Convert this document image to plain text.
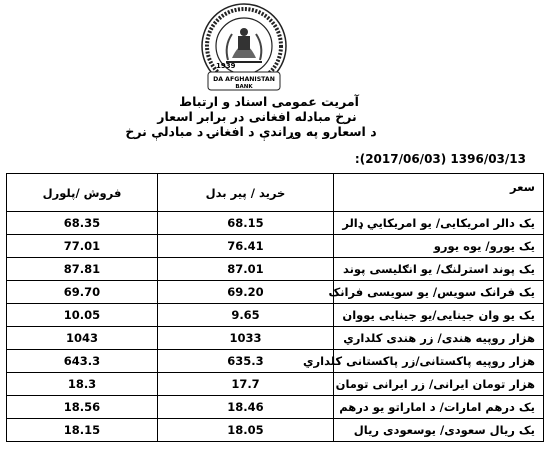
1939
DA AFGHANISTAN
BANK
آمریت عمومی اسناد و ارتباط
نرخ مبادله افغانی در برابر اسعار
د اسعارو په وړاندې د افغانۍ د مبادلې نرخ
:(2017/06/03) 1396/03/13
فروش /پلورل	خرید / پیر بدل	سعر
68.35	68.15	یک دالر امریکایی/ یو امریکایي ډالر
77.01	76.41	یک یورو/ یوه یورو
87.81	87.01	یک پوند استرلنګ/ یو انګلیسی پوند
69.70	69.20	یک فرانک سویس/ یو سویسی فرانک
10.05	9.65	یک یو وان جینایی/یو جینایی یووان
1043	1033	هزار روپیه هندی/ زر هندی کلداري
643.3	635.3	هزار روپیه پاکستانی/زر پاکستانی کلداري
18.3	17.7	هزار تومان ایرانی/ زر ایرانی تومان
18.56	18.46	یک درهم امارات/ د اماراتو یو درهم
18.15	18.05	یک ریال سعودی/ یوسعودی ریال
